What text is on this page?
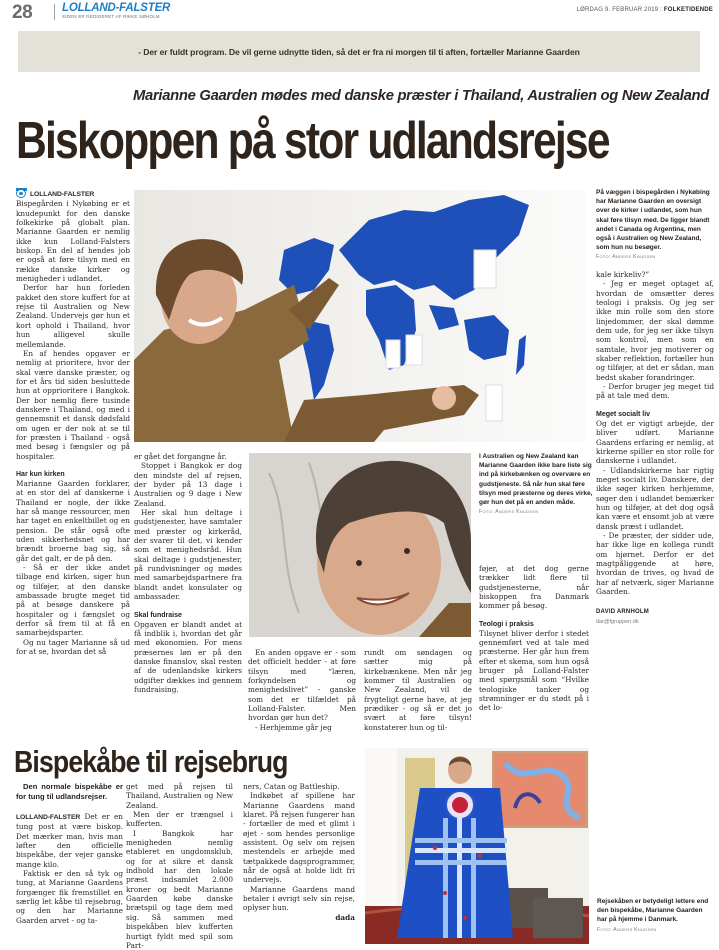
28	LOLLAND-FALSTER
SIDEN ER REDIGERET AF RIKKE SØHOLM
LØRDAG 9. FEBRUAR 2019 : FOLKETIDENDE
- Der er fuldt program. De vil gerne udnytte tiden, så det er fra ni morgen til ti aften, fortæller Marianne Gaarden
Marianne Gaarden mødes med danske præster i Thailand, Australien og New Zealand
Biskoppen på stor udlandsrejse

LOLLAND-FALSTER Bispegården i Nykøbing er et knudepunkt for den danske folkekirke på globalt plan. Marianne Gaarden er nemlig ikke kun Lolland-Falsters biskop. En del af hendes job er også at føre tilsyn med en række danske kirker og menigheder i udlandet.

Derfor har hun forleden pakket den store kuffert for at rejse til Australien og New Zealand. Undervejs gør hun et kort ophold i Thailand, hvor hun alligevel skulle mellemlande.

En af hendes opgaver er nemlig at prioritere, hvor der skal være danske præster, og for et års tid siden besluttede hun at opprioritere i Bangkok. Der bor nemlig flere tusinde danskere i Thailand, og med i gennemsnit et dansk dødsfald om ugen er der nok at se til for præsten i Thailand - også med besøg i fængsler og på hospitaler.

Har kun kirken

Marianne Gaarden forklarer, at en stor del af danskerne i Thailand er nogle, der ikke har så mange ressourcer, men har taget en enkeltbillet og en pension. De står også ofte uden sikkerhedsnet og har brændt broerne bag sig, så går det galt, er de på den.

- Så er der ikke andet tilbage end kirken, siger hun og tilføjer, at den danske ambassade brugte meget tid på at besøge danskere på hospitaler og i fængslet og derfor så frem til at få en samarbejdsparter.

Og nu tager Marianne så ud for at se, hvordan det så

På væggen i bispegården i Nykøbing har Marianne Gaarden en oversigt over de kirker i udlandet, som hun skal føre tilsyn med. De ligger blandt andet i Canada og Argentina, men også i Australien og New Zealand, som hun nu besøger.
Foto: Anders Knudsen

er gået det forgangne år.

Stoppet i Bangkok er dog den mindste del af rejsen, der byder på 13 dage i Australien og 9 dage i New Zealand.

Her skal hun deltage i gudstjenester, have samtaler med præster og kirkeråd, der svarer til det, vi kender som et menighedsråd. Hun skal deltage i gudstjenester, på rundvisninger og mødes med samarbejdspartnere fra blandt andet konsulater og ambassader.

Skal fundraise

Opgaven er blandt andet at få indblik i, hvordan det går med økonomien. For mens præsernes løn er på den danske finanslov, skal resten af de udenlandske kirkers udgifter dækkes ind gennem fundraising.

I Australien og New Zealand kan Marianne Gaarden ikke bare liste sig ind på kirkebænken og overvære en gudstjeneste. Så når hun skal føre tilsyn med præsterne og deres virke, gør hun det på en anden måde.
Foto: Anders Knudsen

En anden opgave er - som det officielt hedder - at føre tilsyn med “læren, forkyndelsen og menighedslivet” - ganske som det er tilfældet på Lolland-Falster. Men hvordan gør hun det?

- Herhjemme går jeg

rundt om søndagen og sætter mig på kirkebænkene. Men når jeg kommer til Australien og New Zealand, vil de frygteligt gerne have, at jeg prædiker - og så er det jo svært at føre tilsyn! konstaterer hun og til-

føjer, at det dog gerne trækker lidt flere til gudstjenesterne, når biskoppen fra Danmark kommer på besøg.

Teologi i praksis

Tilsynet bliver derfor i stedet gennemført ved at tale med præsterne. Her går hun frem efter et skema, som hun også bruger på Lolland-Falster med spørgsmål som “Hvilke teologiske tanker og strømninger er du stødt på i det lo-

kale kirkeliv?”

- Jeg er meget optaget af, hvordan de omsætter deres teologi i praksis. Og jeg ser ikke min rolle som den store linjedommer, der skal dømme dem ude, for jeg ser ikke tilsyn som kontrol, men som en samtale, hvor jeg motiverer og skaber reflektion, fortæller hun og tilføjer, at det er sådan, man bedst skaber forandringer.

- Derfor bruger jeg meget tid på at tale med dem.

Meget socialt liv

Og det er vigtigt arbejde, der bliver udført. Marianne Gaardens erfaring er nemlig, at kirkerne spiller en stor rolle for danskerne i udlandet.

- Udlandskirkerne har rigtig meget socialt liv. Danskere, der ikke søger kirken herhjemme, søger den i udlandet bemærker hun og tilføjer, at det dog også kan være et ensomt job at være dansk præst i udlandet.

- De præster, der sidder ude, har ikke lige en kollega rundt om hjørnet. Derfor er det magtpåliggende at høre, hvordan de trives, og hvad de har af netværk, siger Marianne Gaarden.

DAVID ARNHOLM

dar@fgruppen.dk

Bispekåbe til rejsebrug

Den normale bispekåbe er for tung til udlandsrejser.

LOLLAND-FALSTER Det er en tung post at være biskop. Det mærker man, hvis man løfter den officielle bispekåbe, der vejer ganske mange kilo.

Faktisk er den så tyk og tung, at Marianne Gaardens forgænger fik fremstillet en særlig let kåbe til rejsebrug, og den har Marianne Gaarden arvet - og ta-

get med på rejsen til Thailand, Australien og New Zealand.

Men der er trængsel i kufferten.

I Bangkok har menigheden nemlig etableret en ungdomsklub, og for at sikre et dansk indhold har den lokale præst indsamlet 2.000 kroner og bedt Marianne Gaarden købe danske brætspil og tage dem med sig. Så sammen med bispekåben blev kufferten hurtigt fyldt med spil som Part-

ners, Catan og Battleship.

Indkøbet af spillene har Marianne Gaardens mand klaret. På rejsen fungerer han - fortæller de med et glimt i øjet - som hendes personlige assistent. Og selv om rejsen mestendels er arbejde med tætpakkede dagsprogrammer, når de også at holde lidt fri undervejs.

Marianne Gaardens mand betaler i øvrigt selv sin rejse, oplyser hun.

dada

Rejsekåben er betydeligt lettere end den bispekåbe, Marianne Gaarden har på hjemme i Danmark.
Foto: Anders Knudsen
